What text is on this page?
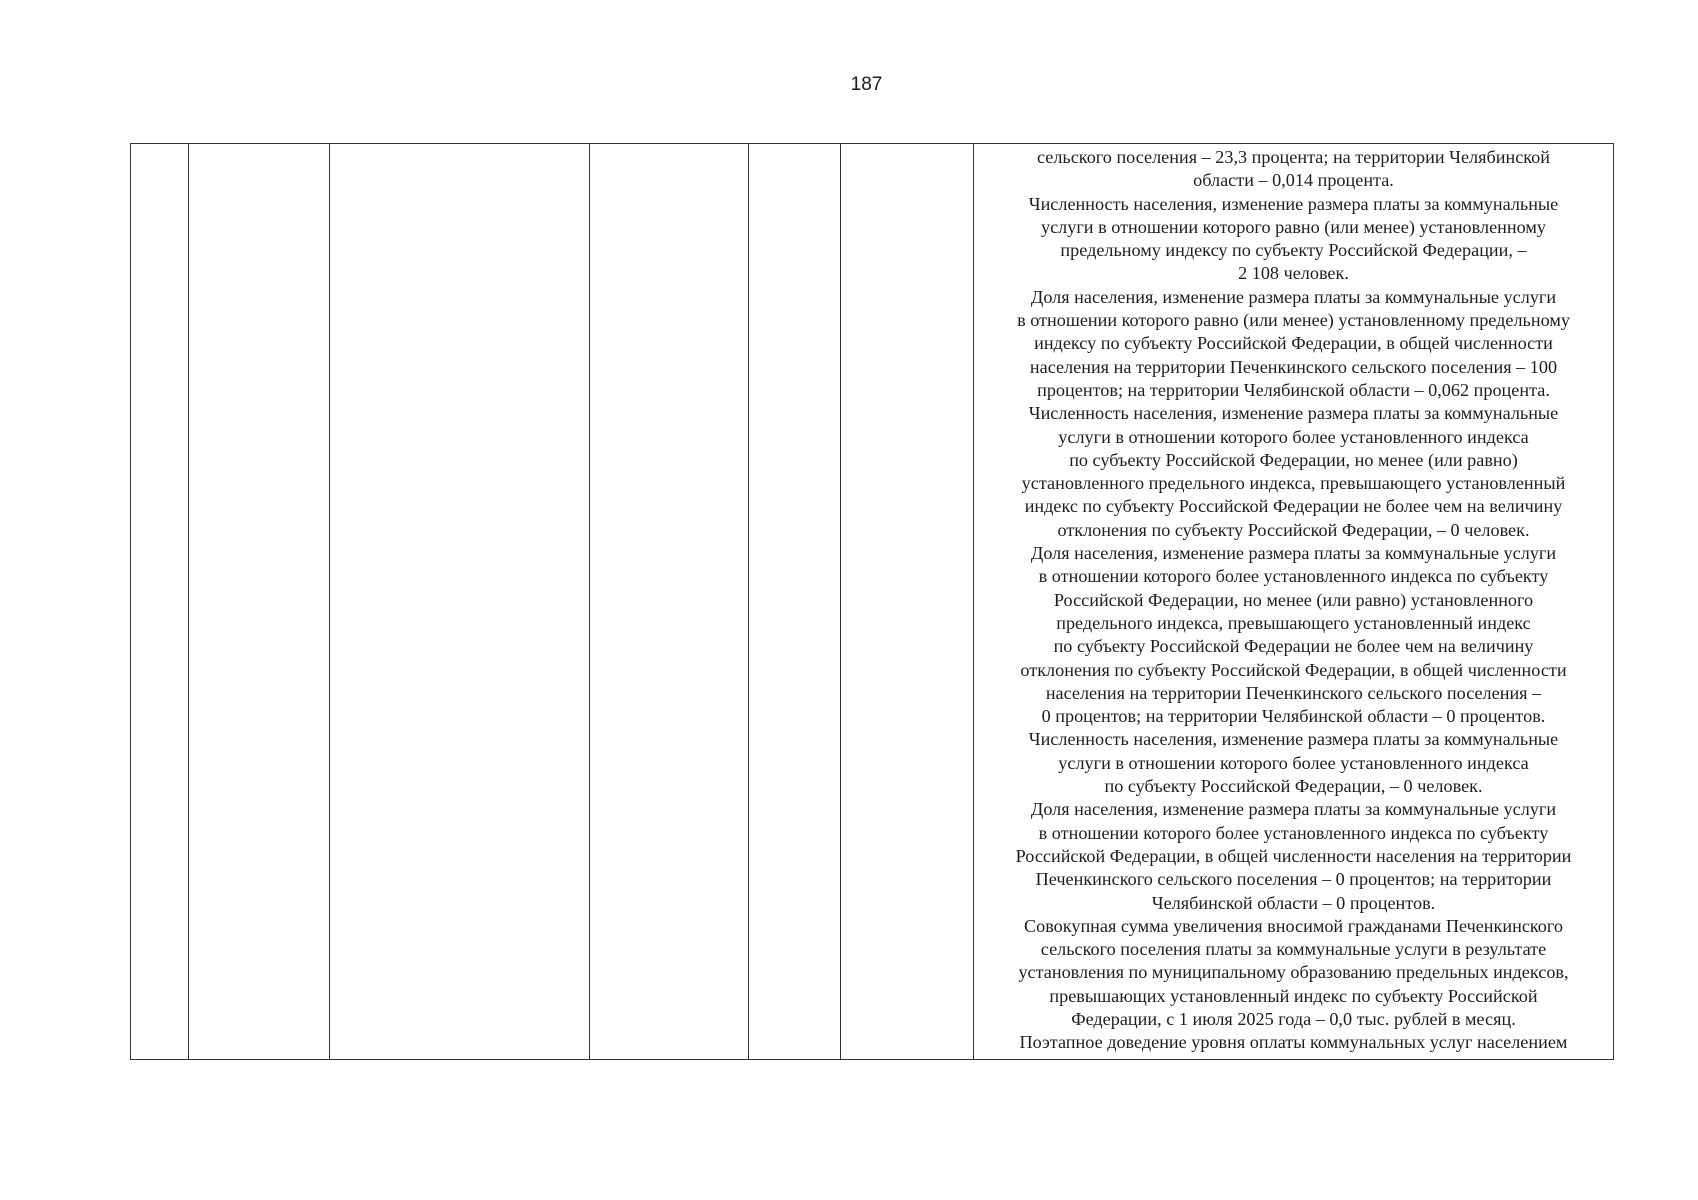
187

сельского поселения – 23,3 процента; на территории Челябинской
области – 0,014 процента.
Численность населения, изменение размера платы за коммунальные
услуги в отношении которого равно (или менее) установленному
предельному индексу по субъекту Российской Федерации, –
2 108 человек.
Доля населения, изменение размера платы за коммунальные услуги
в отношении которого равно (или менее) установленному предельному
индексу по субъекту Российской Федерации, в общей численности
населения на территории Печенкинского сельского поселения – 100
процентов; на территории Челябинской области – 0,062 процента.
Численность населения, изменение размера платы за коммунальные
услуги в отношении которого более установленного индекса
по субъекту Российской Федерации, но менее (или равно)
установленного предельного индекса, превышающего установленный
индекс по субъекту Российской Федерации не более чем на величину
отклонения по субъекту Российской Федерации, – 0 человек.
Доля населения, изменение размера платы за коммунальные услуги
в отношении которого более установленного индекса по субъекту
Российской Федерации, но менее (или равно) установленного
предельного индекса, превышающего установленный индекс
по субъекту Российской Федерации не более чем на величину
отклонения по субъекту Российской Федерации, в общей численности
населения на территории Печенкинского сельского поселения –
0 процентов; на территории Челябинской области – 0 процентов.
Численность населения, изменение размера платы за коммунальные
услуги в отношении которого более установленного индекса
по субъекту Российской Федерации, – 0 человек.
Доля населения, изменение размера платы за коммунальные услуги
в отношении которого более установленного индекса по субъекту
Российской Федерации, в общей численности населения на территории
Печенкинского сельского поселения – 0 процентов; на территории
Челябинской области – 0 процентов.
Совокупная сумма увеличения вносимой гражданами Печенкинского
сельского поселения платы за коммунальные услуги в результате
установления по муниципальному образованию предельных индексов,
превышающих установленный индекс по субъекту Российской
Федерации, с 1 июля 2025 года – 0,0 тыс. рублей в месяц.
Поэтапное доведение уровня оплаты коммунальных услуг населением
